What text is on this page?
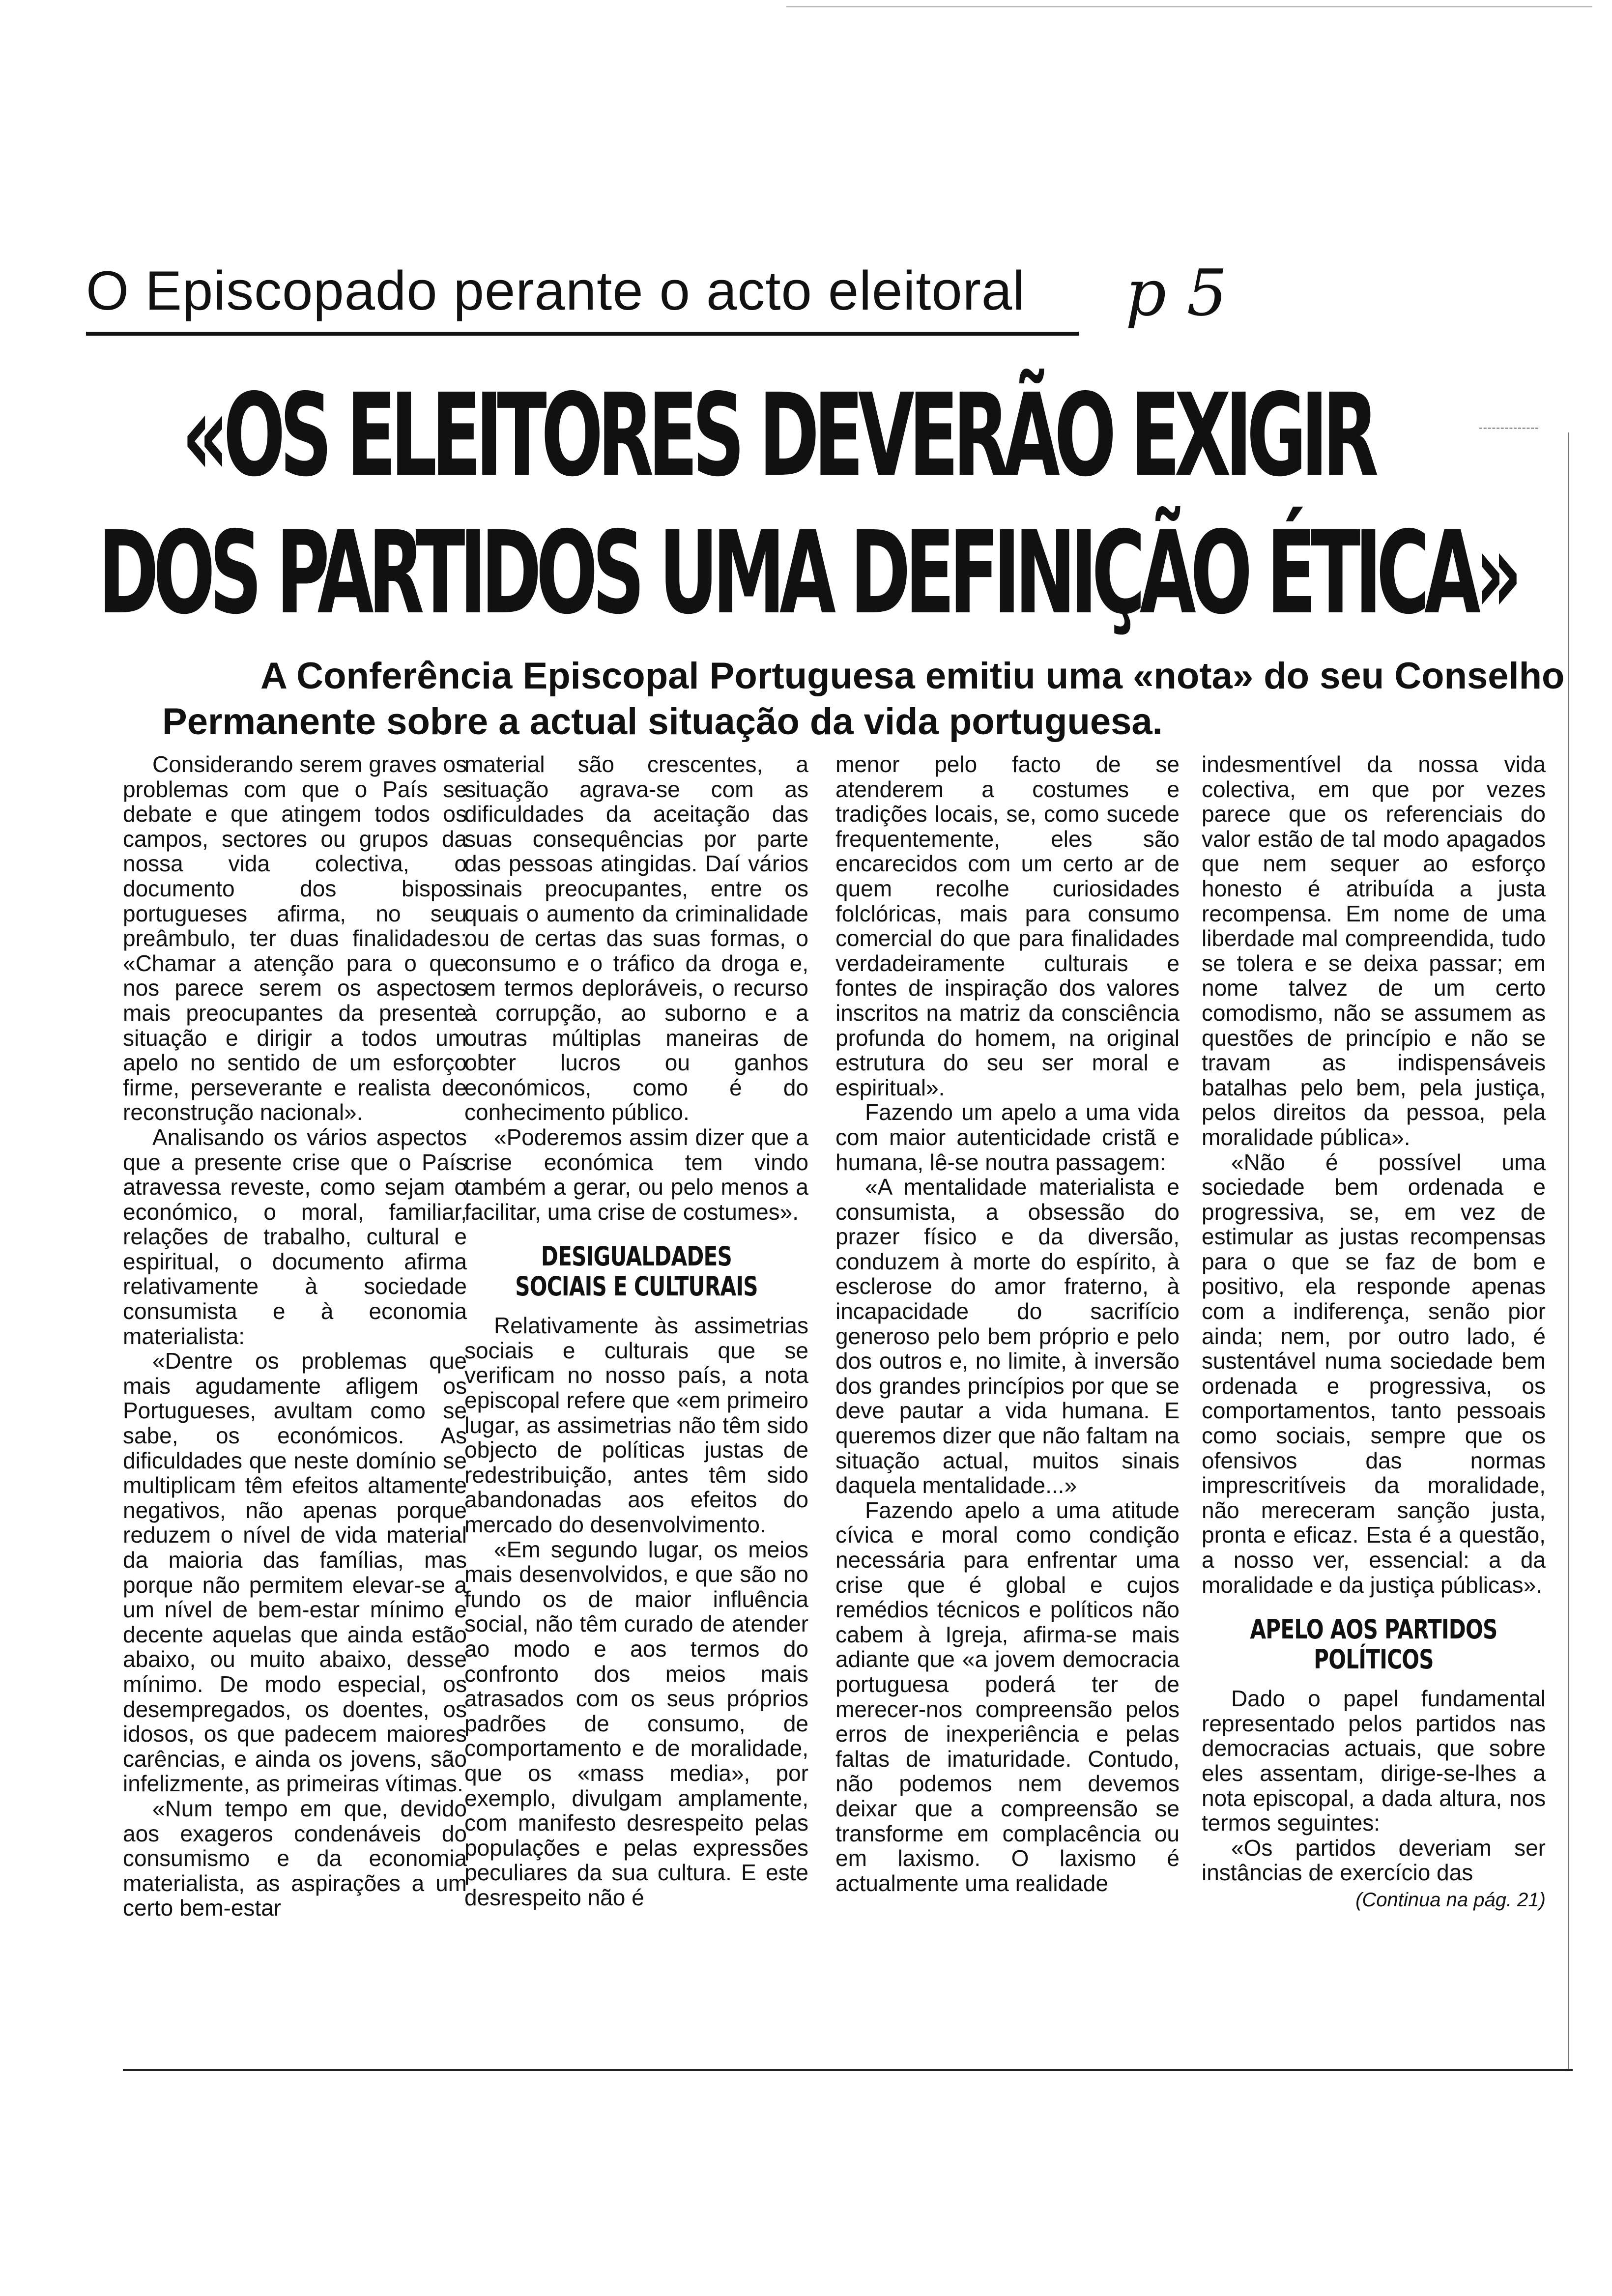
O Episcopado perante o acto eleitoral	p 5
«OS ELEITORES DEVERÃO EXIGIR
DOS PARTIDOS UMA DEFINIÇÃO ÉTICA»
A Conferência Episcopal Portuguesa emitiu uma «nota» do seu Conselho
Permanente sobre a actual situação da vida portuguesa.

Considerando serem graves os problemas com que o País se debate e que atingem todos os campos, sectores ou grupos da nossa vida colectiva, o documento dos bispos portugueses afirma, no seu preâmbulo, ter duas finalidades: «Chamar a atenção para o que nos parece serem os aspectos mais preocupantes da presente situação e dirigir a todos um apelo no sentido de um esforço firme, perseverante e realista de reconstrução nacional».

Analisando os vários aspectos que a presente crise que o País atravessa reveste, como sejam o económico, o moral, familiar, relações de trabalho, cultural e espiritual, o documento afirma relativamente à sociedade consumista e à economia materialista:

«Dentre os problemas que mais agudamente afligem os Portugueses, avultam como se sabe, os económicos. As dificuldades que neste domínio se multiplicam têm efeitos altamente negativos, não apenas porque reduzem o nível de vida material da maioria das famílias, mas porque não permitem elevar-se a um nível de bem-estar mínimo e decente aquelas que ainda estão abaixo, ou muito abaixo, desse mínimo. De modo especial, os desempregados, os doentes, os idosos, os que padecem maiores carências, e ainda os jovens, são infelizmente, as primeiras vítimas.

«Num tempo em que, devido aos exageros condenáveis do consumismo e da economia materialista, as aspirações a um certo bem-estar

material são crescentes, a situação agrava-se com as dificuldades da aceitação das suas consequências por parte das pessoas atingidas. Daí vários sinais preocupantes, entre os quais o aumento da criminalidade ou de certas das suas formas, o consumo e o tráfico da droga e, em termos deploráveis, o recurso à corrupção, ao suborno e a outras múltiplas maneiras de obter lucros ou ganhos económicos, como é do conhecimento público.

«Poderemos assim dizer que a crise económica tem vindo também a gerar, ou pelo menos a facilitar, uma crise de costumes».

DESIGUALDADES
SOCIAIS E CULTURAIS

Relativamente às assimetrias sociais e culturais que se verificam no nosso país, a nota episcopal refere que «em primeiro lugar, as assimetrias não têm sido objecto de políticas justas de redestribuição, antes têm sido abandonadas aos efeitos do mercado do desenvolvimento.

«Em segundo lugar, os meios mais desenvolvidos, e que são no fundo os de maior influência social, não têm curado de atender ao modo e aos termos do confronto dos meios mais atrasados com os seus próprios padrões de consumo, de comportamento e de moralidade, que os «mass media», por exemplo, divulgam amplamente, com manifesto desrespeito pelas populações e pelas expressões peculiares da sua cultura. E este desrespeito não é

menor pelo facto de se atenderem a costumes e tradições locais, se, como sucede frequentemente, eles são encarecidos com um certo ar de quem recolhe curiosidades folclóricas, mais para consumo comercial do que para finalidades verdadeiramente culturais e fontes de inspiração dos valores inscritos na matriz da consciência profunda do homem, na original estrutura do seu ser moral e espiritual».

Fazendo um apelo a uma vida com maior autenticidade cristã e humana, lê-se noutra passagem:

«A mentalidade materialista e consumista, a obsessão do prazer físico e da diversão, conduzem à morte do espírito, à esclerose do amor fraterno, à incapacidade do sacrifício generoso pelo bem próprio e pelo dos outros e, no limite, à inversão dos grandes princípios por que se deve pautar a vida humana. E queremos dizer que não faltam na situação actual, muitos sinais daquela mentalidade...»

Fazendo apelo a uma atitude cívica e moral como condição necessária para enfrentar uma crise que é global e cujos remédios técnicos e políticos não cabem à Igreja, afirma-se mais adiante que «a jovem democracia portuguesa poderá ter de merecer-nos compreensão pelos erros de inexperiência e pelas faltas de imaturidade. Contudo, não podemos nem devemos deixar que a compreensão se transforme em complacência ou em laxismo. O laxismo é actualmente uma realidade

indesmentível da nossa vida colectiva, em que por vezes parece que os referenciais do valor estão de tal modo apagados que nem sequer ao esforço honesto é atribuída a justa recompensa. Em nome de uma liberdade mal compreendida, tudo se tolera e se deixa passar; em nome talvez de um certo comodismo, não se assumem as questões de princípio e não se travam as indispensáveis batalhas pelo bem, pela justiça, pelos direitos da pessoa, pela moralidade pública».

«Não é possível uma sociedade bem ordenada e progressiva, se, em vez de estimular as justas recompensas para o que se faz de bom e positivo, ela responde apenas com a indiferença, senão pior ainda; nem, por outro lado, é sustentável numa sociedade bem ordenada e progressiva, os comportamentos, tanto pessoais como sociais, sempre que os ofensivos das normas imprescritíveis da moralidade, não mereceram sanção justa, pronta e eficaz. Esta é a questão, a nosso ver, essencial: a da moralidade e da justiça públicas».

APELO AOS PARTIDOS
POLÍTICOS

Dado o papel fundamental representado pelos partidos nas democracias actuais, que sobre eles assentam, dirige-se-lhes a nota episcopal, a dada altura, nos termos seguintes:

«Os partidos deveriam ser instâncias de exercício das

(Continua na pág. 21)
